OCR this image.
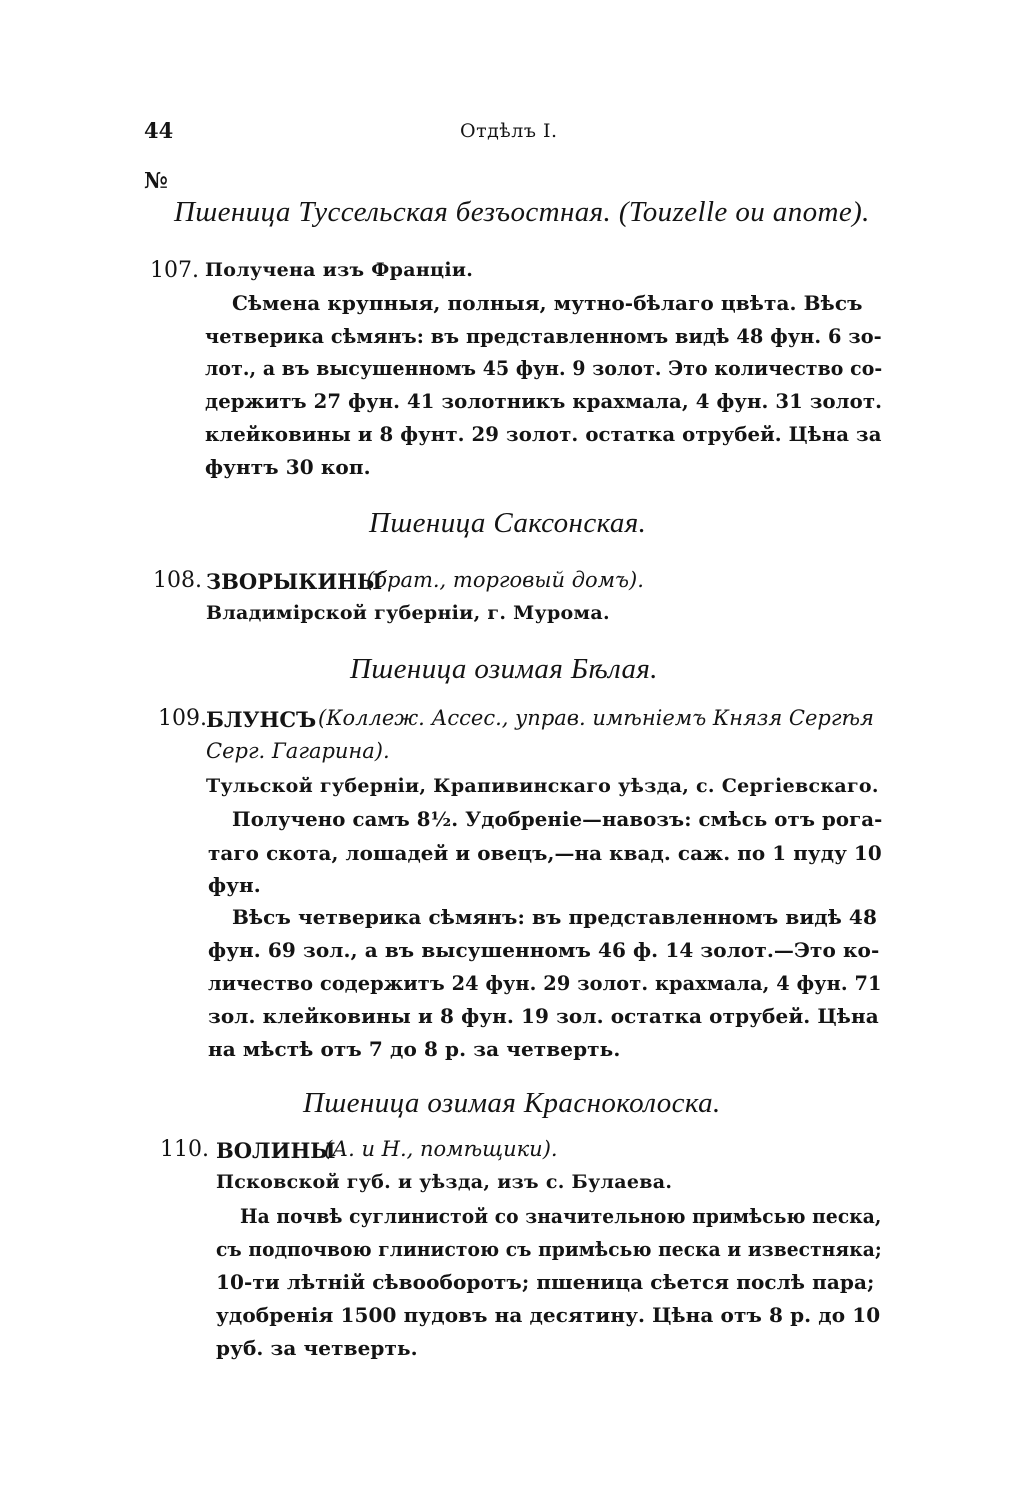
44	Отдѣлъ I.
№
Пшеница Туссельская безъостная. (Touzelle ou anome).
107. Получена изъ Франціи.
Сѣмена крупныя, полныя, мутно-бѣлаго цвѣта. Вѣсъ
четверика сѣмянъ: въ представленномъ видѣ 48 фун. 6 зо-
лот., а въ высушенномъ 45 фун. 9 золот. Это количество со-
держитъ 27 фун. 41 золотникъ крахмала, 4 фун. 31 золот.
клейковины и 8 фунт. 29 золот. остатка отрубей. Цѣна за
фунтъ 30 коп.
Пшеница Саксонская.
108. ЗВОРЫКИНЫ
(брат., торговый домъ).
Владимірской губерніи, г. Мурома.
Пшеница озимая Бѣлая.
109. БЛУНСЪ (Коллеж. Ассес., управ. имѣніемъ Князя Сергѣя
Серг. Гагарина).
Тульской губерніи, Крапивинскаго уѣзда, с. Сергіевскаго.
Получено самъ 8½. Удобреніе—навозъ: смѣсь отъ рога-
таго скота, лошадей и овецъ,—на квад. саж. по 1 пуду 10
фун.
Вѣсъ четверика сѣмянъ: въ представленномъ видѣ 48
фун. 69 зол., а въ высушенномъ 46 ф. 14 золот.—Это ко-
личество содержитъ 24 фун. 29 золот. крахмала, 4 фун. 71
зол. клейковины и 8 фун. 19 зол. остатка отрубей. Цѣна
на мѣстѣ отъ 7 до 8 р. за четверть.
Пшеница озимая Красноколоска.
110. ВОЛИНЫ
(А. и Н., помѣщики).
Псковской губ. и уѣзда, изъ с. Булаева.
На почвѣ суглинистой со значительною примѣсью песка,
съ подпочвою глинистою съ примѣсью песка и известняка;
10-ти лѣтній сѣвооборотъ; пшеница сѣется послѣ пара;
удобренія 1500 пудовъ на десятину. Цѣна отъ 8 р. до 10
руб. за четверть.
